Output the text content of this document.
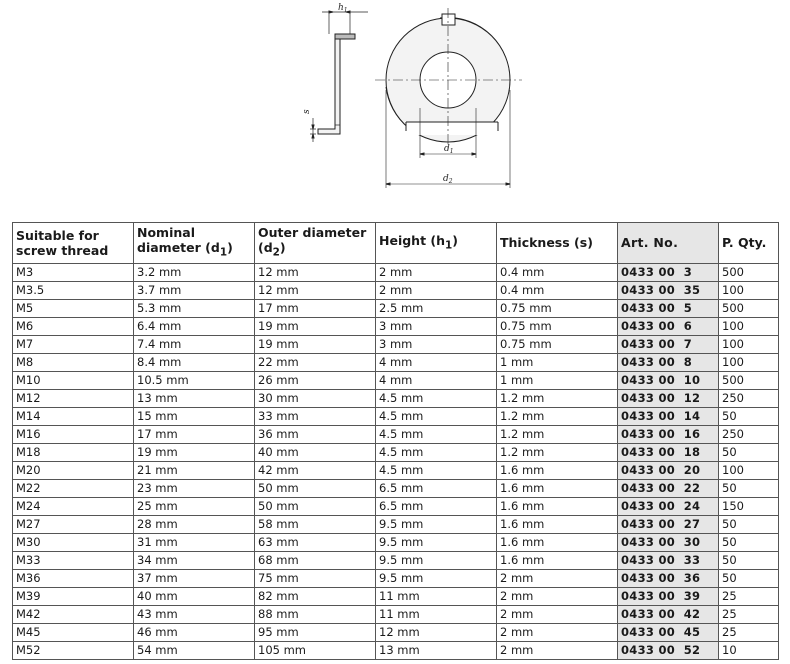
$h_1$
s
$d_1$
$d_2$
Suitable for screw thread	Nominal diameter $(d_1)$	Outer diameter $(d_2)$	Height $(h_1)$	Thickness (s)	Art. No.	P. Qty.
M3	3.2 mm	12 mm	2 mm	0.4 mm	0433 00  3	500
M3.5	3.7 mm	12 mm	2 mm	0.4 mm	0433 00  35	100
M5	5.3 mm	17 mm	2.5 mm	0.75 mm	0433 00  5	500
M6	6.4 mm	19 mm	3 mm	0.75 mm	0433 00  6	100
M7	7.4 mm	19 mm	3 mm	0.75 mm	0433 00  7	100
M8	8.4 mm	22 mm	4 mm	1 mm	0433 00  8	100
M10	10.5 mm	26 mm	4 mm	1 mm	0433 00  10	500
M12	13 mm	30 mm	4.5 mm	1.2 mm	0433 00  12	250
M14	15 mm	33 mm	4.5 mm	1.2 mm	0433 00  14	50
M16	17 mm	36 mm	4.5 mm	1.2 mm	0433 00  16	250
M18	19 mm	40 mm	4.5 mm	1.2 mm	0433 00  18	50
M20	21 mm	42 mm	4.5 mm	1.6 mm	0433 00  20	100
M22	23 mm	50 mm	6.5 mm	1.6 mm	0433 00  22	50
M24	25 mm	50 mm	6.5 mm	1.6 mm	0433 00  24	150
M27	28 mm	58 mm	9.5 mm	1.6 mm	0433 00  27	50
M30	31 mm	63 mm	9.5 mm	1.6 mm	0433 00  30	50
M33	34 mm	68 mm	9.5 mm	1.6 mm	0433 00  33	50
M36	37 mm	75 mm	9.5 mm	2 mm	0433 00  36	50
M39	40 mm	82 mm	11 mm	2 mm	0433 00  39	25
M42	43 mm	88 mm	11 mm	2 mm	0433 00  42	25
M45	46 mm	95 mm	12 mm	2 mm	0433 00  45	25
M52	54 mm	105 mm	13 mm	2 mm	0433 00  52	10
